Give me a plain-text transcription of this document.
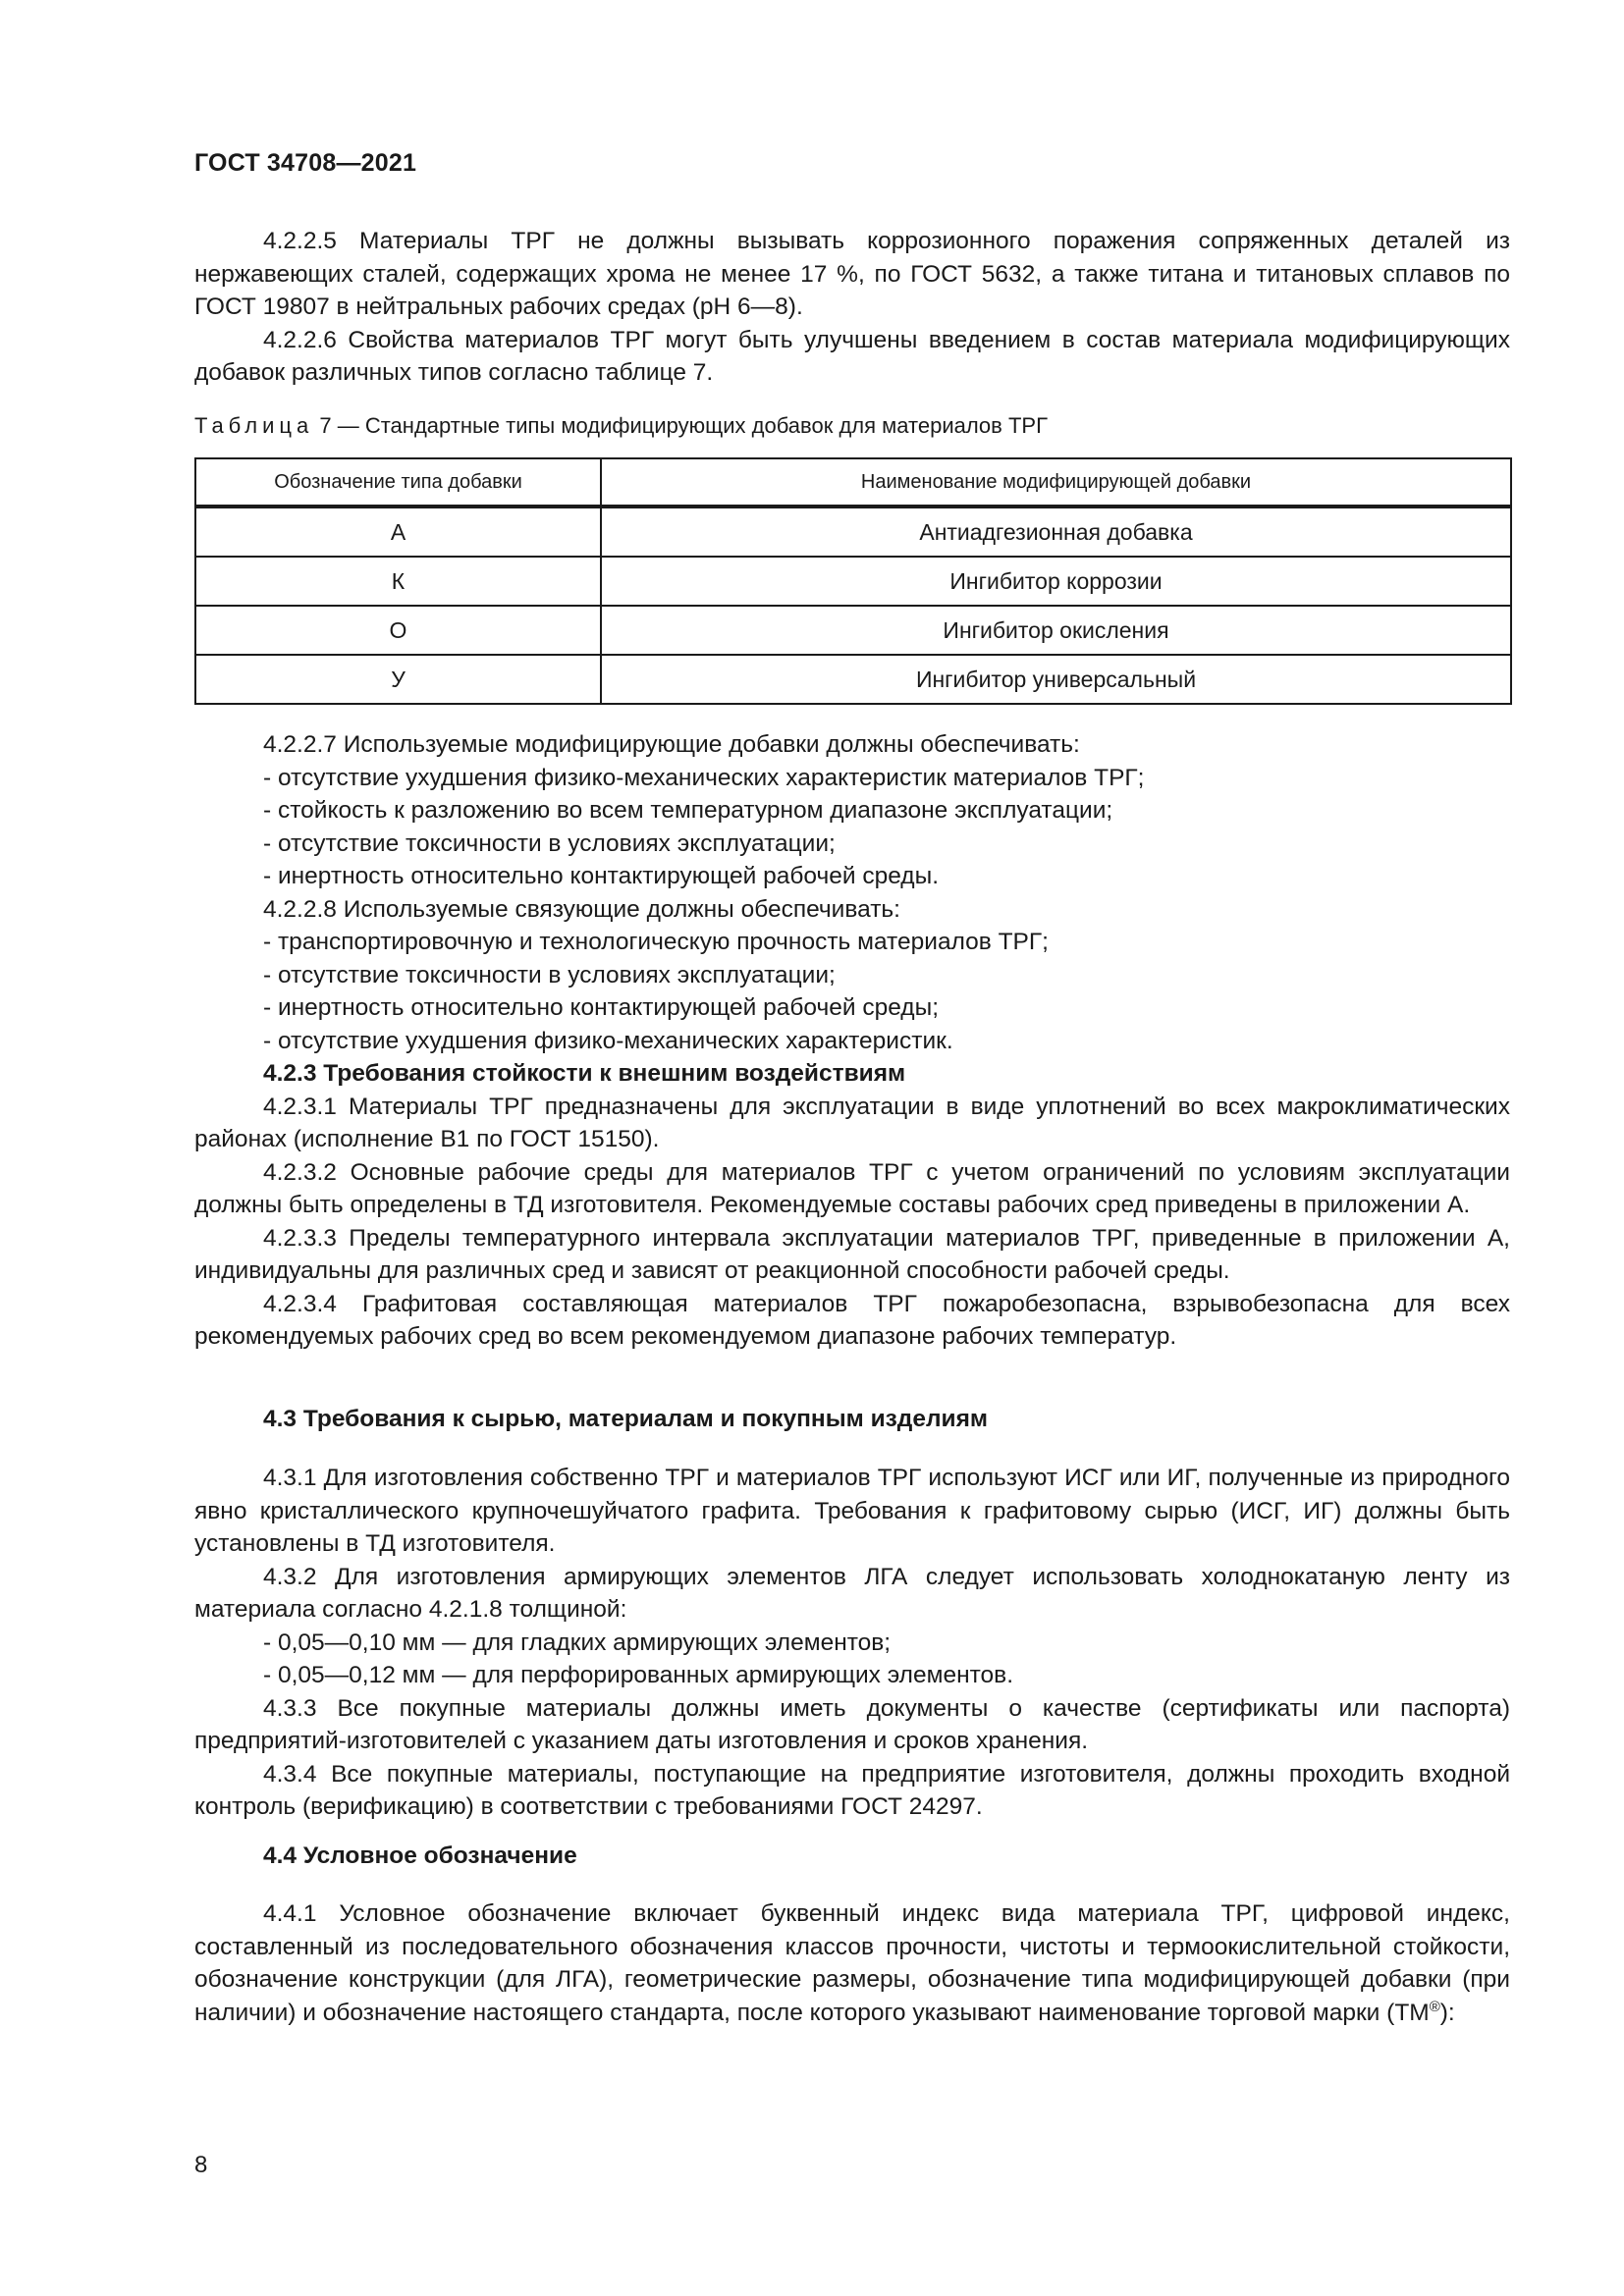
ГОСТ 34708—2021

4.2.2.5 Материалы ТРГ не должны вызывать коррозионного поражения сопряженных деталей из нержавеющих сталей, содержащих хрома не менее 17 %, по ГОСТ 5632, а также титана и титановых сплавов по ГОСТ 19807 в нейтральных рабочих средах (pH 6—8).

4.2.2.6 Свойства материалов ТРГ могут быть улучшены введением в состав материала модифицирующих добавок различных типов согласно таблице 7.

Таблица 7 — Стандартные типы модифицирующих добавок для материалов ТРГ
Обозначение типа добавки	Наименование модифицирующей добавки
А	Антиадгезионная добавка
К	Ингибитор коррозии
О	Ингибитор окисления
У	Ингибитор универсальный

4.2.2.7 Используемые модифицирующие добавки должны обеспечивать:

- отсутствие ухудшения физико-механических характеристик материалов ТРГ;

- стойкость к разложению во всем температурном диапазоне эксплуатации;

- отсутствие токсичности в условиях эксплуатации;

- инертность относительно контактирующей рабочей среды.

4.2.2.8 Используемые связующие должны обеспечивать:

- транспортировочную и технологическую прочность материалов ТРГ;

- отсутствие токсичности в условиях эксплуатации;

- инертность относительно контактирующей рабочей среды;

- отсутствие ухудшения физико-механических характеристик.

4.2.3 Требования стойкости к внешним воздействиям

4.2.3.1 Материалы ТРГ предназначены для эксплуатации в виде уплотнений во всех макроклиматических районах (исполнение В1 по ГОСТ 15150).

4.2.3.2 Основные рабочие среды для материалов ТРГ с учетом ограничений по условиям эксплуатации должны быть определены в ТД изготовителя. Рекомендуемые составы рабочих сред приведены в приложении А.

4.2.3.3 Пределы температурного интервала эксплуатации материалов ТРГ, приведенные в приложении А, индивидуальны для различных сред и зависят от реакционной способности рабочей среды.

4.2.3.4 Графитовая составляющая материалов ТРГ пожаробезопасна, взрывобезопасна для всех рекомендуемых рабочих сред во всем рекомендуемом диапазоне рабочих температур.

4.3 Требования к сырью, материалам и покупным изделиям

4.3.1 Для изготовления собственно ТРГ и материалов ТРГ используют ИСГ или ИГ, полученные из природного явно кристаллического крупночешуйчатого графита. Требования к графитовому сырью (ИСГ, ИГ) должны быть установлены в ТД изготовителя.

4.3.2 Для изготовления армирующих элементов ЛГА следует использовать холоднокатаную ленту из материала согласно 4.2.1.8 толщиной:

- 0,05—0,10 мм — для гладких армирующих элементов;

- 0,05—0,12 мм — для перфорированных армирующих элементов.

4.3.3 Все покупные материалы должны иметь документы о качестве (сертификаты или паспорта) предприятий-изготовителей с указанием даты изготовления и сроков хранения.

4.3.4 Все покупные материалы, поступающие на предприятие изготовителя, должны проходить входной контроль (верификацию) в соответствии с требованиями ГОСТ 24297.

4.4 Условное обозначение

4.4.1 Условное обозначение включает буквенный индекс вида материала ТРГ, цифровой индекс, составленный из последовательного обозначения классов прочности, чистоты и термоокислительной стойкости, обозначение конструкции (для ЛГА), геометрические размеры, обозначение типа модифицирующей добавки (при наличии) и обозначение настоящего стандарта, после которого указывают наименование торговой марки (ТМ®):

8
